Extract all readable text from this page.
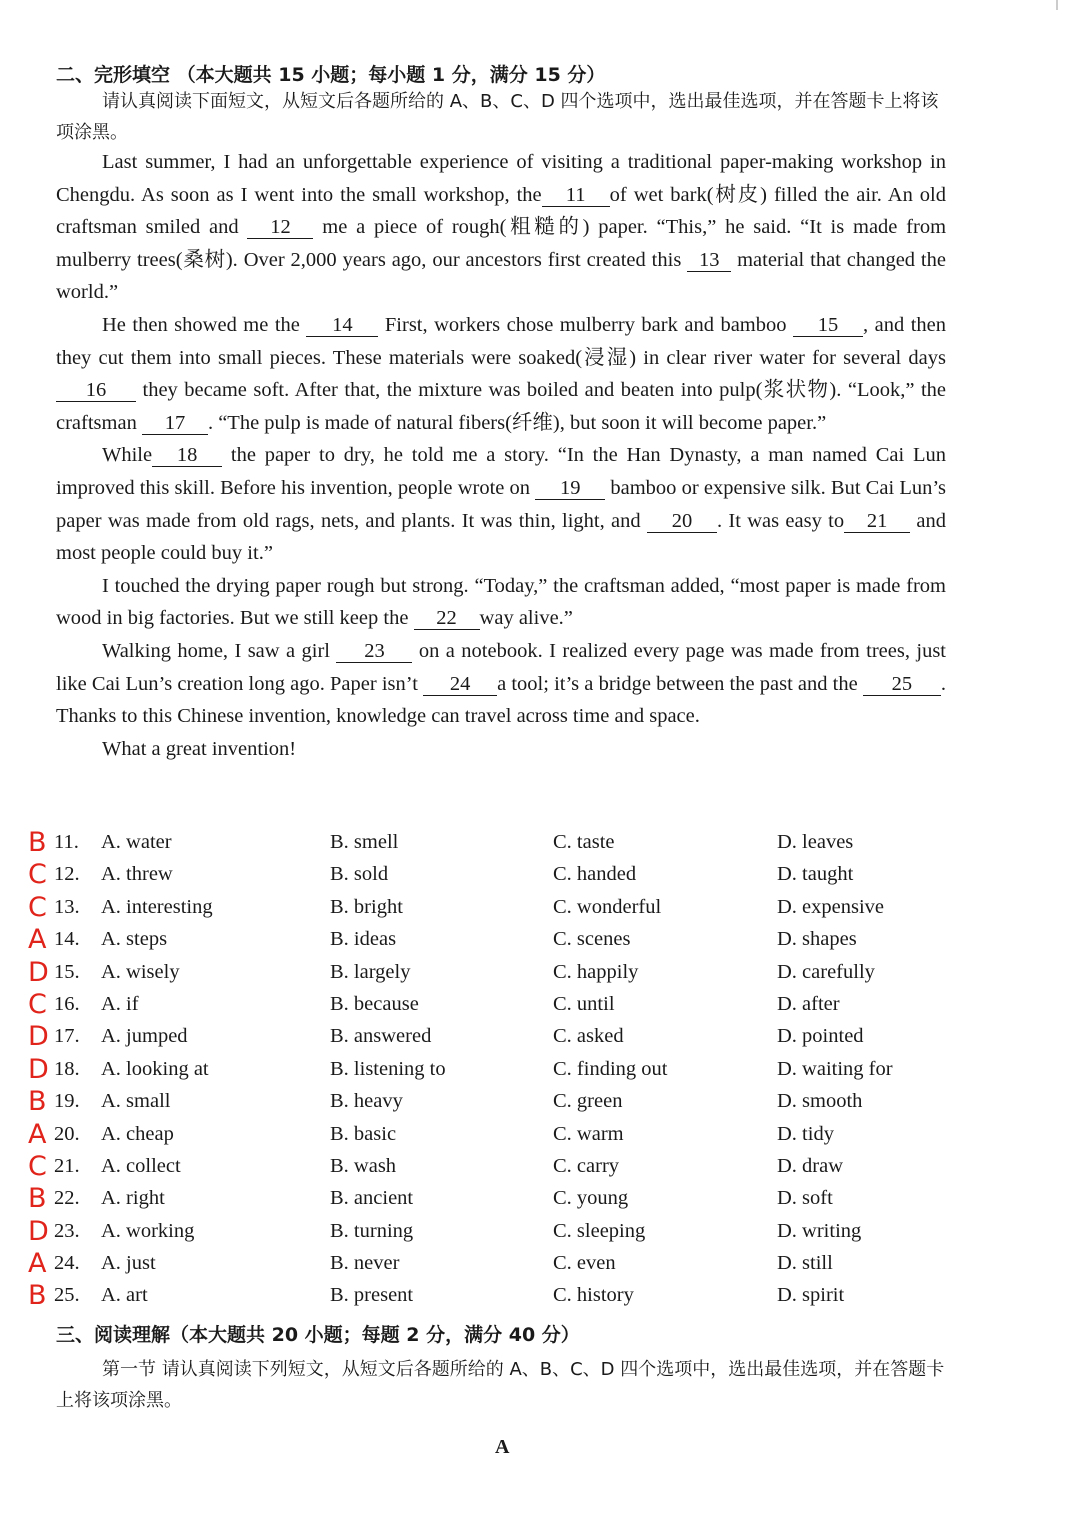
二、完形填空 （本大题共 15 小题；每小题 1 分，满分 15 分）
请认真阅读下面短文，从短文后各题所给的 A、B、C、D 四个选项中，选出最佳选项，并在答题卡上将该项涂黑。

Last summer, I had an unforgettable experience of visiting a traditional paper-making workshop in Chengdu. As soon as I went into the small workshop, the 11 of wet bark(树皮) filled the air. An old craftsman smiled and 12 me a piece of rough(粗糙的) paper. “This,” he said. “It is made from mulberry trees(桑树). Over 2,000 years ago, our ancestors first created this 13 material that changed the world.”

He then showed me the 14 First, workers chose mulberry bark and bamboo 15 , and then they cut them into small pieces. These materials were soaked(浸湿) in clear river water for several days 16 they became soft. After that, the mixture was boiled and beaten into pulp(浆状物). “Look,” the craftsman 17 . “The pulp is made of natural fibers(纤维), but soon it will become paper.”

While 18 the paper to dry, he told me a story. “In the Han Dynasty, a man named Cai Lun improved this skill. Before his invention, people wrote on 19 bamboo or expensive silk. But Cai Lun’s paper was made from old rags, nets, and plants. It was thin, light, and 20 . It was easy to 21 and most people could buy it.”

I touched the drying paper rough but strong. “Today,” the craftsman added, “most paper is made from wood in big factories. But we still keep the 22 way alive.”

Walking home, I saw a girl 23 on a notebook. I realized every page was made from trees, just like Cai Lun’s creation long ago. Paper isn’t 24 a tool; it’s a bridge between the past and the 25 . Thanks to this Chinese invention, knowledge can travel across time and space.

What a great invention!

B 11. A. water	B. smell	C. taste	D. leaves
C 12. A. threw	B. sold	C. handed	D. taught
C 13. A. interesting	B. bright	C. wonderful	D. expensive
A 14. A. steps	B. ideas	C. scenes	D. shapes
D 15. A. wisely	B. largely	C. happily	D. carefully
C 16. A. if	B. because	C. until	D. after
D 17. A. jumped	B. answered	C. asked	D. pointed
D 18. A. looking at	B. listening to	C. finding out	D. waiting for
B 19. A. small	B. heavy	C. green	D. smooth
A 20. A. cheap	B. basic	C. warm	D. tidy
C 21. A. collect	B. wash	C. carry	D. draw
B 22. A. right	B. ancient	C. young	D. soft
D 23. A. working	B. turning	C. sleeping	D. writing
A 24. A. just	B. never	C. even	D. still
B 25. A. art	B. present	C. history	D. spirit
三、阅读理解（本大题共 20 小题；每题 2 分，满分 40 分）
第一节 请认真阅读下列短文，从短文后各题所给的 A、B、C、D 四个选项中，选出最佳选项，并在答题卡上将该项涂黑。
A
